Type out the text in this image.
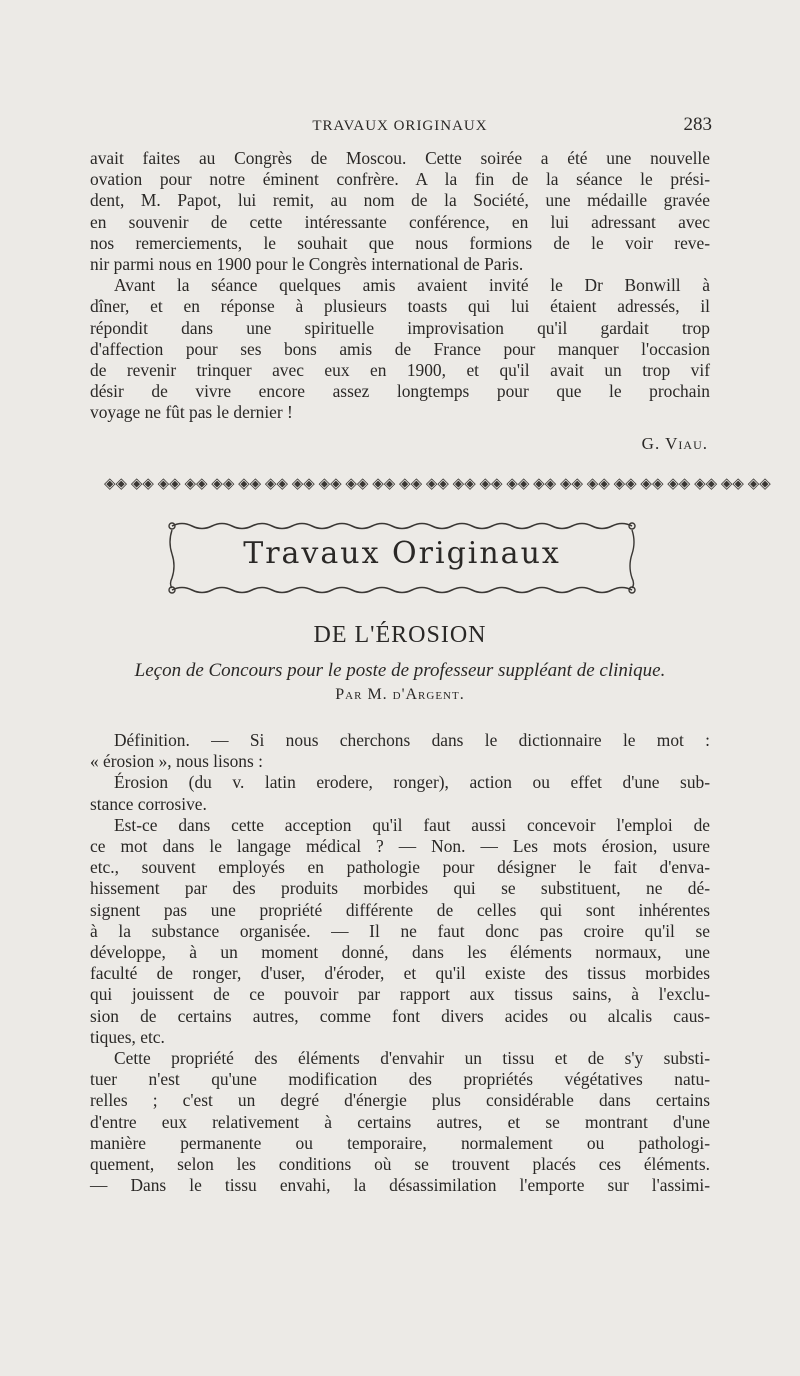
TRAVAUX ORIGINAUX	283
avait faites au Congrès de Moscou. Cette soirée a été une nouvelle
ovation pour notre éminent confrère. A la fin de la séance le prési-
dent, M. Papot, lui remit, au nom de la Société, une médaille gravée
en souvenir de cette intéressante conférence, en lui adressant avec
nos remerciements, le souhait que nous formions de le voir reve-
nir parmi nous en 1900 pour le Congrès international de Paris.
Avant la séance quelques amis avaient invité le Dr Bonwill à
dîner, et en réponse à plusieurs toasts qui lui étaient adressés, il
répondit dans une spirituelle improvisation qu'il gardait trop
d'affection pour ses bons amis de France pour manquer l'occasion
de revenir trinquer avec eux en 1900, et qu'il avait un trop vif
désir de vivre encore assez longtemps pour que le prochain
voyage ne fût pas le dernier !
G. Viau.
◈◈ ◈◈ ◈◈ ◈◈ ◈◈ ◈◈ ◈◈ ◈◈ ◈◈ ◈◈ ◈◈ ◈◈ ◈◈ ◈◈ ◈◈ ◈◈ ◈◈ ◈◈ ◈◈ ◈◈ ◈◈ ◈◈ ◈◈ ◈◈ ◈◈
Travaux Originaux
DE L'ÉROSION
Leçon de Concours pour le poste de professeur suppléant de clinique.
Par M. d'Argent.
Définition. — Si nous cherchons dans le dictionnaire le mot :
« érosion », nous lisons :
Érosion (du v. latin erodere, ronger), action ou effet d'une sub-
stance corrosive.
Est-ce dans cette acception qu'il faut aussi concevoir l'emploi de
ce mot dans le langage médical ? — Non. — Les mots érosion, usure
etc., souvent employés en pathologie pour désigner le fait d'enva-
hissement par des produits morbides qui se substituent, ne dé-
signent pas une propriété différente de celles qui sont inhérentes
à la substance organisée. — Il ne faut donc pas croire qu'il se
développe, à un moment donné, dans les éléments normaux, une
faculté de ronger, d'user, d'éroder, et qu'il existe des tissus morbides
qui jouissent de ce pouvoir par rapport aux tissus sains, à l'exclu-
sion de certains autres, comme font divers acides ou alcalis caus-
tiques, etc.
Cette propriété des éléments d'envahir un tissu et de s'y substi-
tuer n'est qu'une modification des propriétés végétatives natu-
relles ; c'est un degré d'énergie plus considérable dans certains
d'entre eux relativement à certains autres, et se montrant d'une
manière permanente ou temporaire, normalement ou pathologi-
quement, selon les conditions où se trouvent placés ces éléments.
— Dans le tissu envahi, la désassimilation l'emporte sur l'assimi-
